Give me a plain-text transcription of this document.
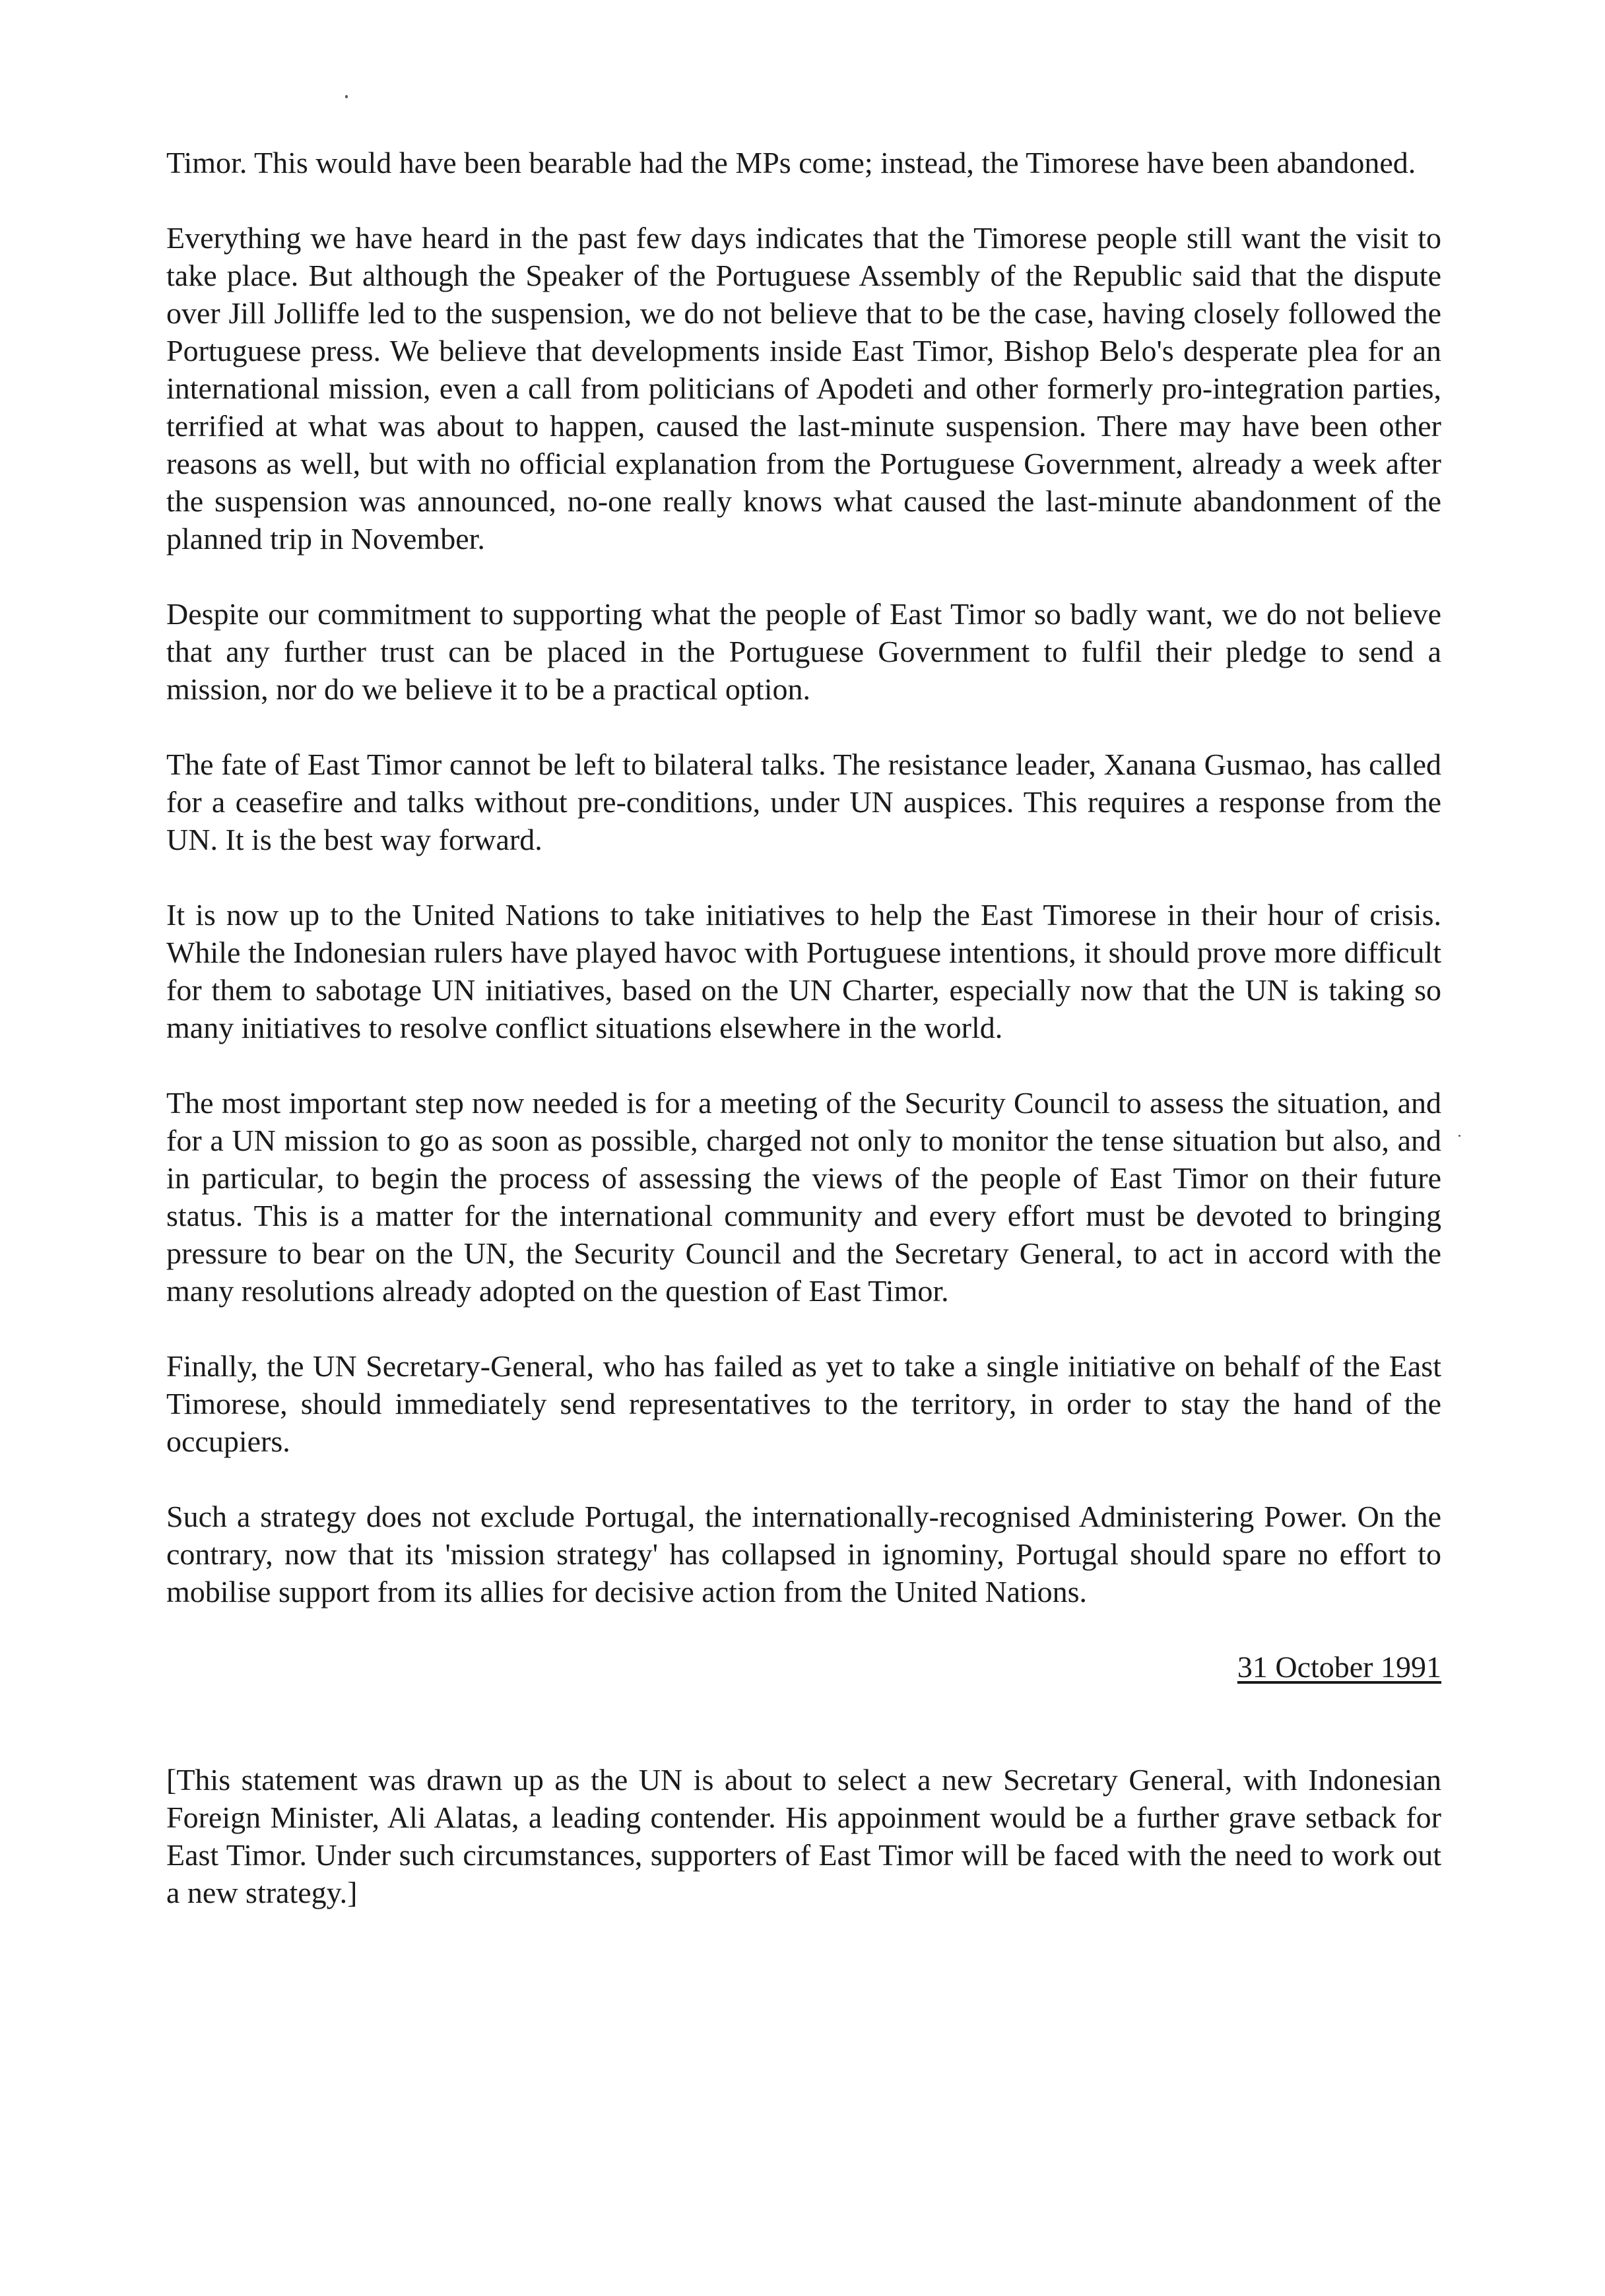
Timor. This would have been bearable had the MPs come; instead, the Timorese have been abandoned.

Everything we have heard in the past few days indicates that the Timorese people still want the visit to take place. But although the Speaker of the Portuguese Assembly of the Republic said that the dispute over Jill Jolliffe led to the suspension, we do not believe that to be the case, having closely followed the Portuguese press. We believe that developments inside East Timor, Bishop Belo's desperate plea for an international mission, even a call from politicians of Apodeti and other formerly pro-integration parties, terrified at what was about to happen, caused the last-minute suspension. There may have been other reasons as well, but with no official explanation from the Portuguese Government, already a week after the suspension was announced, no-one really knows what caused the last-minute abandonment of the planned trip in November.

Despite our commitment to supporting what the people of East Timor so badly want, we do not believe that any further trust can be placed in the Portuguese Government to fulfil their pledge to send a mission, nor do we believe it to be a practical option.

The fate of East Timor cannot be left to bilateral talks. The resistance leader, Xanana Gusmao, has called for a ceasefire and talks without pre-conditions, under UN auspices. This requires a response from the UN. It is the best way forward.

It is now up to the United Nations to take initiatives to help the East Timorese in their hour of crisis. While the Indonesian rulers have played havoc with Portuguese intentions, it should prove more difficult for them to sabotage UN initiatives, based on the UN Charter, especially now that the UN is taking so many initiatives to resolve conflict situations elsewhere in the world.

The most important step now needed is for a meeting of the Security Council to assess the situation, and for a UN mission to go as soon as possible, charged not only to monitor the tense situation but also, and in particular, to begin the process of assessing the views of the people of East Timor on their future status. This is a matter for the international community and every effort must be devoted to bringing pressure to bear on the UN, the Security Council and the Secretary General, to act in accord with the many resolutions already adopted on the question of East Timor.

Finally, the UN Secretary-General, who has failed as yet to take a single initiative on behalf of the East Timorese, should immediately send representatives to the territory, in order to stay the hand of the occupiers.

Such a strategy does not exclude Portugal, the internationally-recognised Administering Power. On the contrary, now that its 'mission strategy' has collapsed in ignominy, Portugal should spare no effort to mobilise support from its allies for decisive action from the United Nations.

31 October 1991

[This statement was drawn up as the UN is about to select a new Secretary General, with Indonesian Foreign Minister, Ali Alatas, a leading contender. His appoinment would be a further grave setback for East Timor. Under such circumstances, supporters of East Timor will be faced with the need to work out a new strategy.]
